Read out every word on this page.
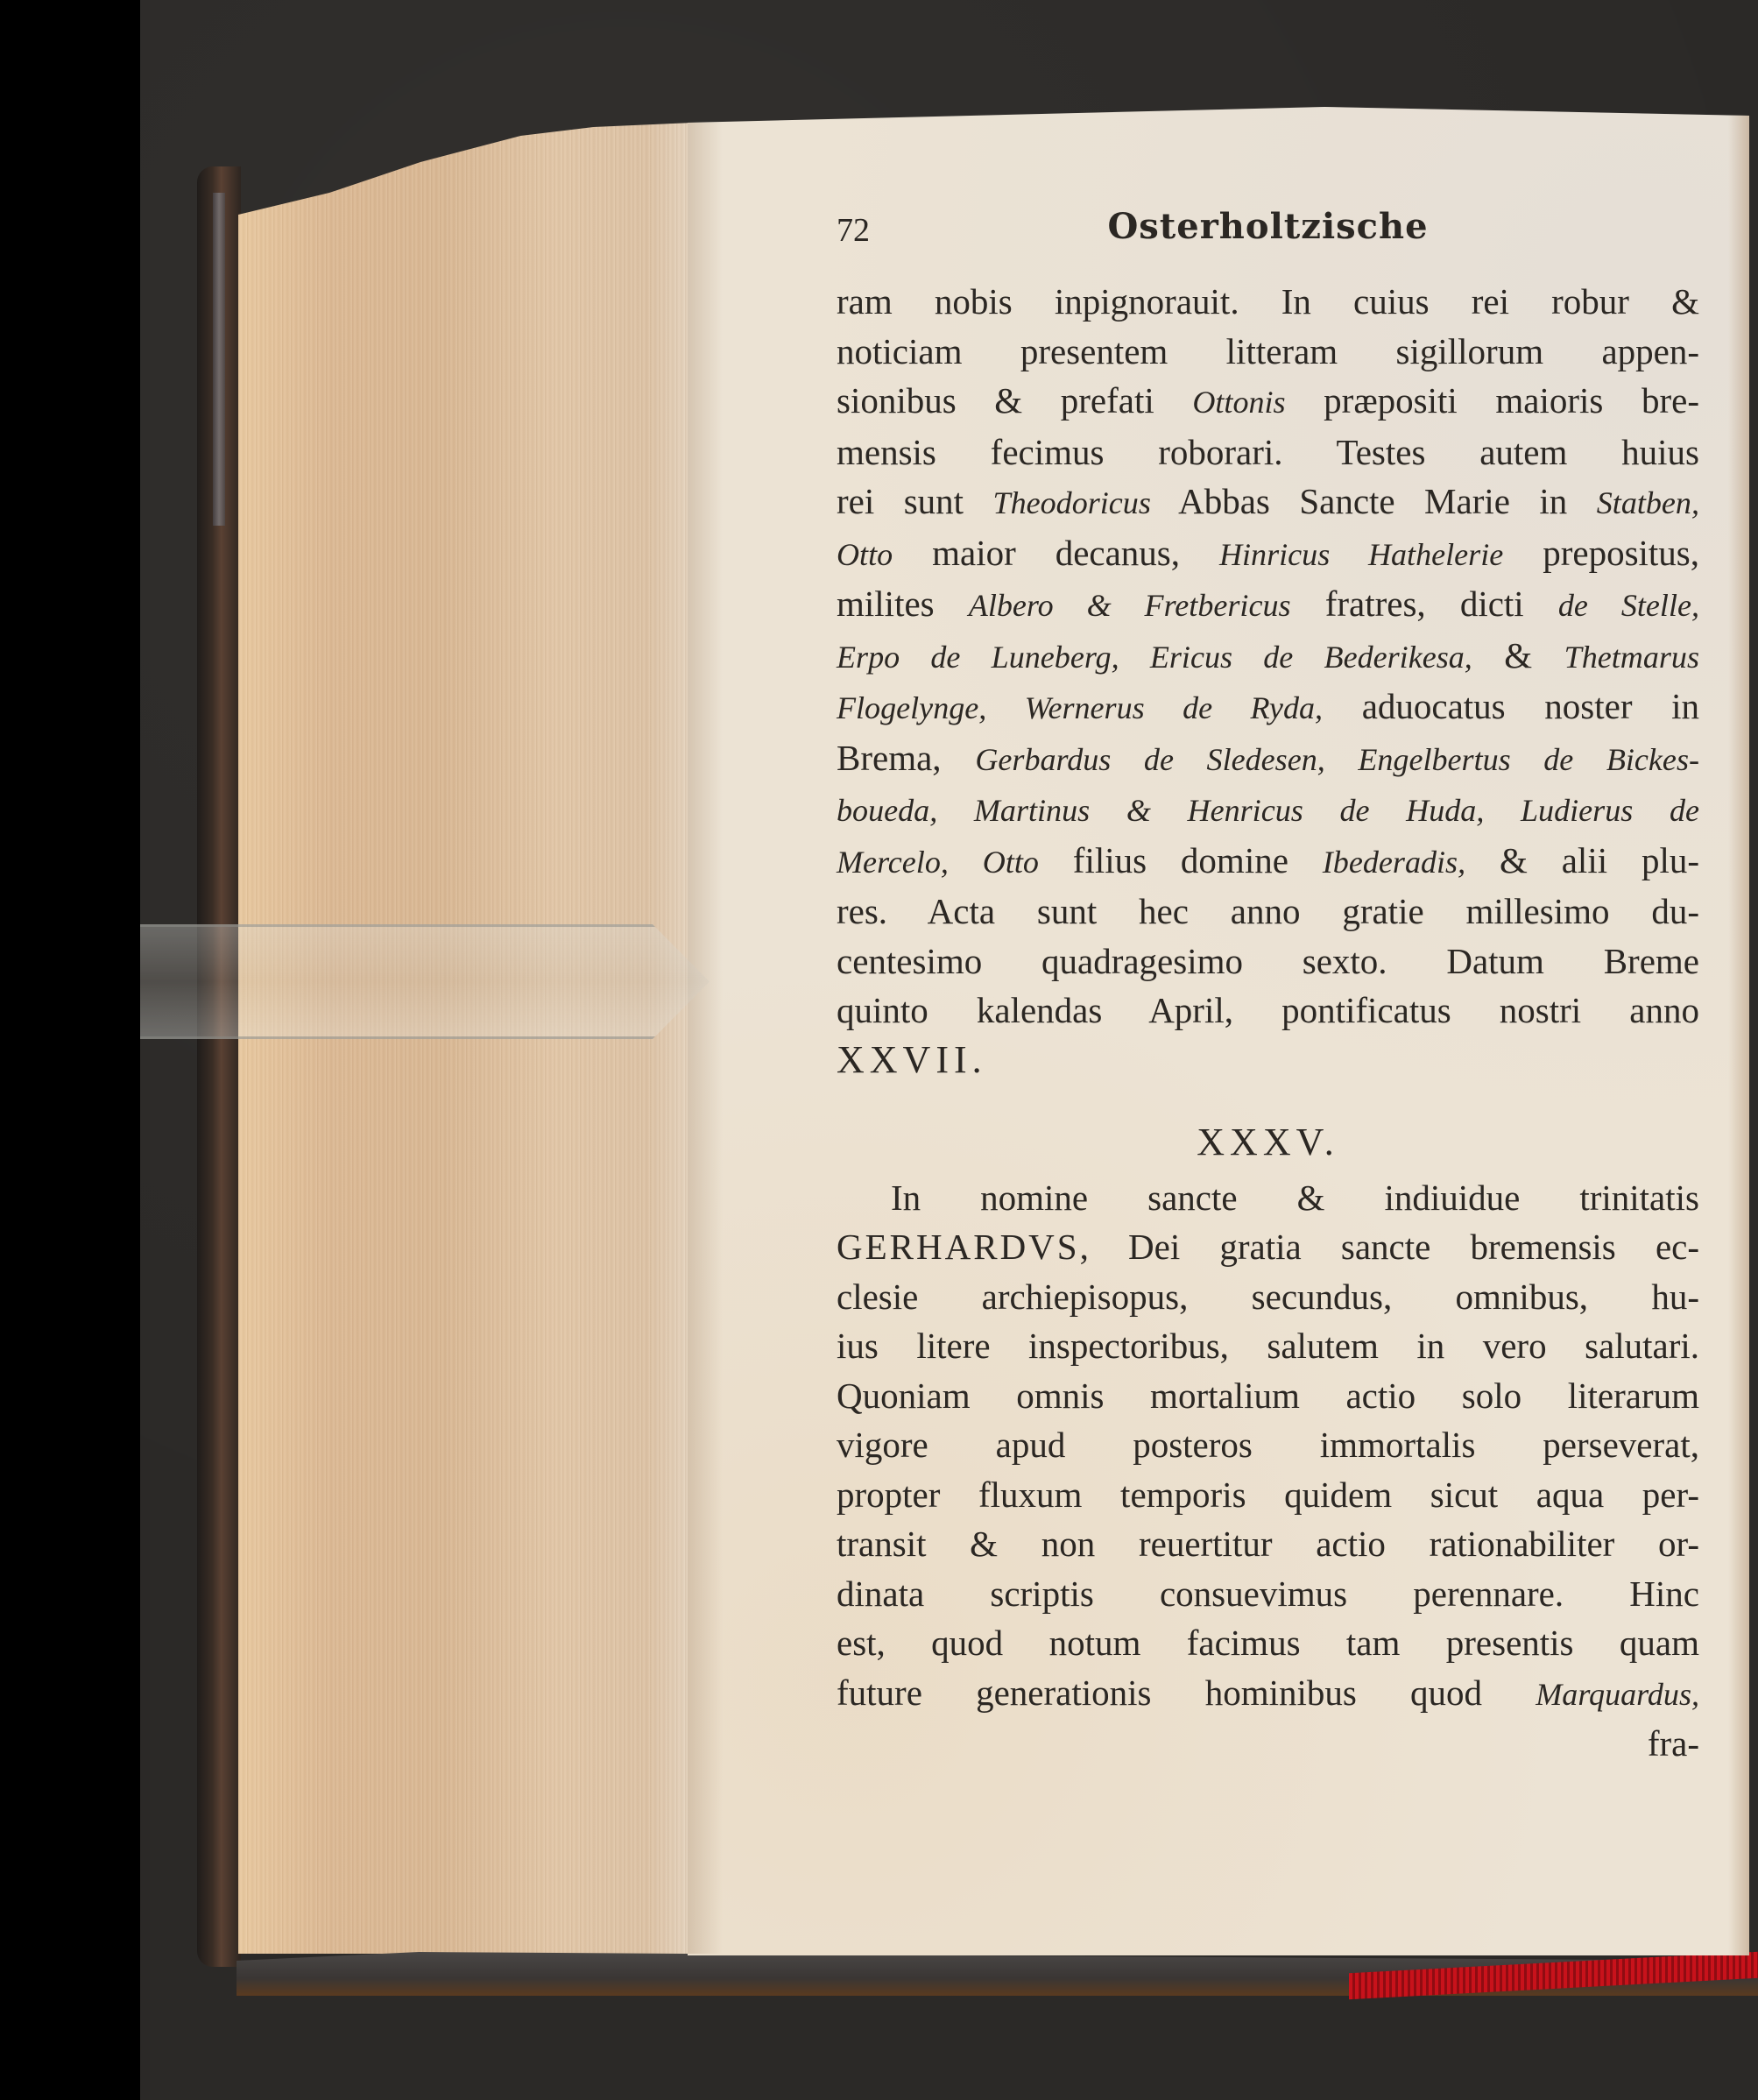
72	Osterholtzische
ram nobis inpignorauit. In cuius rei robur &
noticiam presentem litteram sigillorum appen-
sionibus & prefati Ottonis præpositi maioris bre-
mensis fecimus roborari. Testes autem huius
rei sunt Theodoricus Abbas Sancte Marie in Statben,
Otto maior decanus, Hinricus Hathelerie prepositus,
milites Albero & Fretbericus fratres, dicti de Stelle,
Erpo de Luneberg, Ericus de Bederikesa, & Thetmarus
Flogelynge, Wernerus de Ryda, aduocatus noster in
Brema, Gerbardus de Sledesen, Engelbertus de Bickes-
boueda, Martinus & Henricus de Huda, Ludierus de
Mercelo, Otto filius domine Ibederadis, & alii plu-
res. Acta sunt hec anno gratie millesimo du-
centesimo quadragesimo sexto. Datum Breme
quinto kalendas April, pontificatus nostri anno
XXVII.
XXXV.
In nomine sancte & indiuidue trinitatis
GERHARDVS, Dei gratia sancte bremensis ec-
clesie archiepisopus, secundus, omnibus, hu-
ius litere inspectoribus, salutem in vero salutari.
Quoniam omnis mortalium actio solo literarum
vigore apud posteros immortalis perseverat,
propter fluxum temporis quidem sicut aqua per-
transit & non reuertitur actio rationabiliter or-
dinata scriptis consuevimus perennare. Hinc
est, quod notum facimus tam presentis quam
future generationis hominibus quod Marquardus,
fra-
